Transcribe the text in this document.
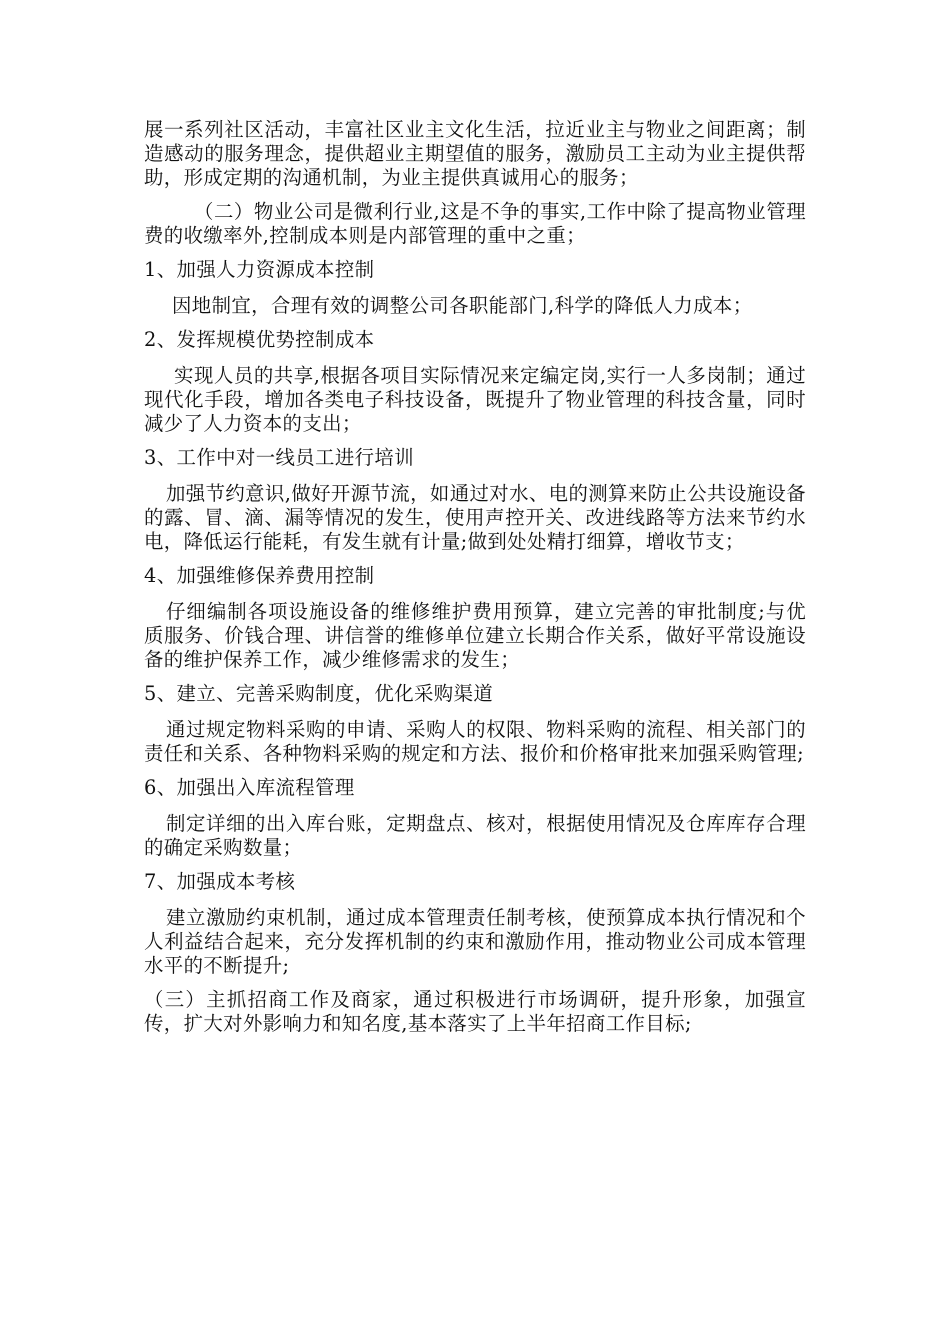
展一系列社区活动，丰富社区业主文化生活，拉近业主与物业之间距离；制造感动的服务理念，提供超业主期望值的服务，激励员工主动为业主提供帮助，形成定期的沟通机制，为业主提供真诚用心的服务；

（二）物业公司是微利行业,这是不争的事实,工作中除了提高物业管理费的收缴率外,控制成本则是内部管理的重中之重；

1、加强人力资源成本控制

因地制宜，合理有效的调整公司各职能部门,科学的降低人力成本；

2、发挥规模优势控制成本

实现人员的共享,根据各项目实际情况来定编定岗,实行一人多岗制；通过现代化手段，增加各类电子科技设备，既提升了物业管理的科技含量，同时减少了人力资本的支出；

3、工作中对一线员工进行培训

加强节约意识,做好开源节流，如通过对水、电的测算来防止公共设施设备的露、冒、滴、漏等情况的发生，使用声控开关、改进线路等方法来节约水电，降低运行能耗，有发生就有计量;做到处处精打细算，增收节支；

4、加强维修保养费用控制

仔细编制各项设施设备的维修维护费用预算，建立完善的审批制度;与优质服务、价钱合理、讲信誉的维修单位建立长期合作关系，做好平常设施设备的维护保养工作，减少维修需求的发生；

5、建立、完善采购制度，优化采购渠道

通过规定物料采购的申请、采购人的权限、物料采购的流程、相关部门的责任和关系、各种物料采购的规定和方法、报价和价格审批来加强采购管理;

6、加强出入库流程管理

制定详细的出入库台账，定期盘点、核对，根据使用情况及仓库库存合理的确定采购数量；

7、加强成本考核

建立激励约束机制，通过成本管理责任制考核，使预算成本执行情况和个人利益结合起来，充分发挥机制的约束和激励作用，推动物业公司成本管理水平的不断提升;

（三）主抓招商工作及商家，通过积极进行市场调研，提升形象，加强宣传，扩大对外影响力和知名度,基本落实了上半年招商工作目标;
